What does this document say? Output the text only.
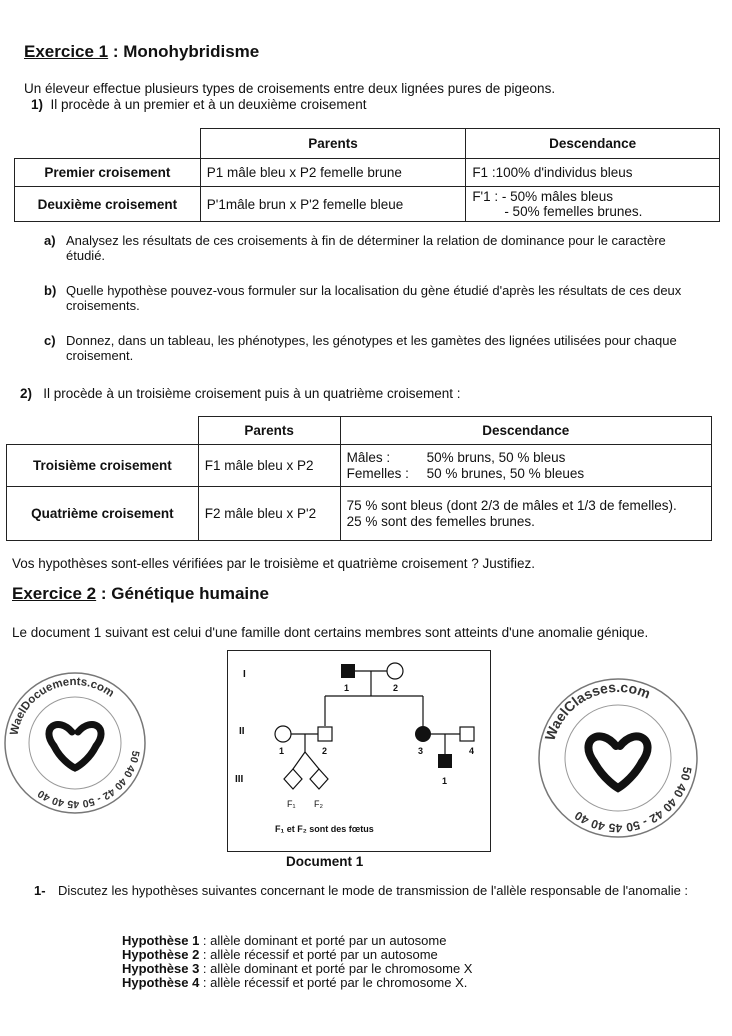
Exercice 1 : Monohybridisme
Un éleveur effectue plusieurs types de croisements entre deux lignées pures de pigeons.
1) Il procède à un premier et à un deuxième croisement
	Parents	Descendance
Premier croisement	P1 mâle bleu x P2 femelle brune	F1 :100% d'individus bleus
Deuxième croisement	P'1mâle brun x P'2 femelle bleue	F'1 : - 50% mâles bleus
- 50% femelles brunes.
a) Analysez les résultats de ces croisements à fin de déterminer la relation de dominance pour le caractère étudié.
b) Quelle hypothèse pouvez-vous formuler sur la localisation du gène étudié d'après les résultats de ces deux croisements.
c) Donnez, dans un tableau, les phénotypes, les génotypes et les gamètes des lignées utilisées pour chaque croisement.
2) Il procède à un troisième croisement puis à un quatrième croisement :
	Parents	Descendance
Troisième croisement	F1 mâle bleu x P2	Mâles : 50% bruns, 50 % bleus
Femelles : 50 % brunes, 50 % bleues

Quatrième croisement	F2 mâle bleu x P'2	75 % sont bleus (dont 2/3 de mâles et 1/3 de femelles).
25 % sont des femelles brunes.
Vos hypothèses sont-elles vérifiées par le troisième et quatrième croisement ? Justifiez.
Exercice 2 : Génétique humaine
Le document 1 suivant est celui d'une famille dont certains membres sont atteints d'une anomalie génique.
I
II
III
1	2
1	2	3	4
F₁ F₂
1
F₁ et F₂ sont des fœtus
Document 1
1- Discutez les hypothèses suivantes concernant le mode de transmission de l'allèle responsable de l'anomalie :
Hypothèse 1 : allèle dominant et porté par un autosome
Hypothèse 2 : allèle récessif et porté par un autosome
Hypothèse 3 : allèle dominant et porté par le chromosome X
Hypothèse 4 : allèle récessif et porté par le chromosome X.
50 40 40 42 - 50 45 40 40
WaelDocuements.com
50 40 40 42 - 50 45 40 40
WaelClasses.com
